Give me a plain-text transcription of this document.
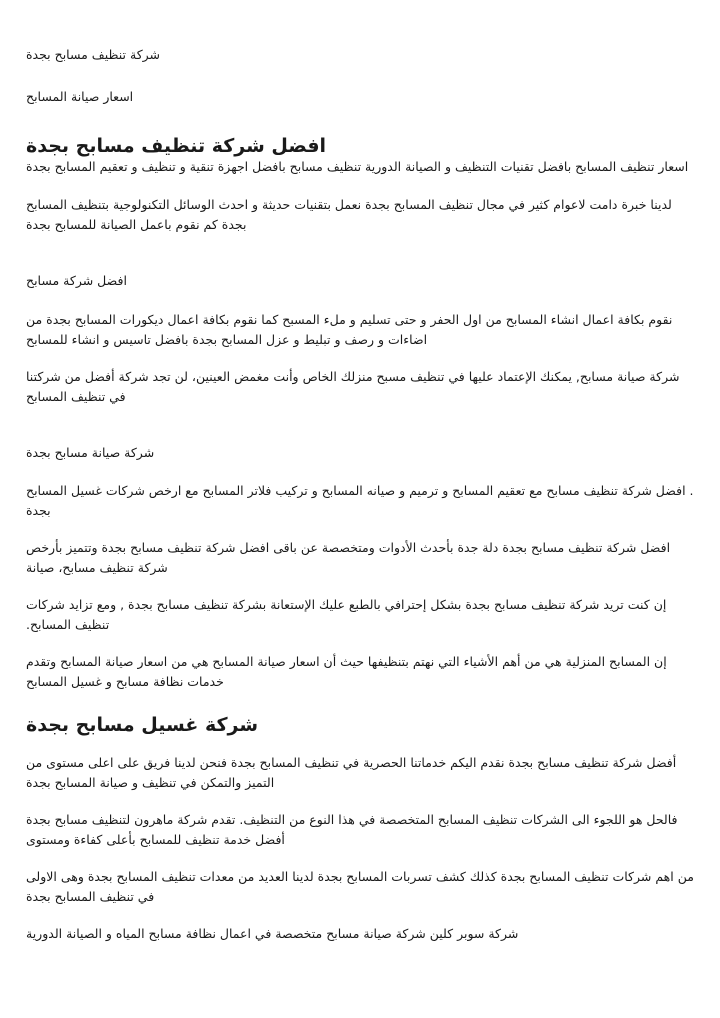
شركة تنظيف مسابح بجدة

اسعار صيانة المسابح

افضل شركة تنظيف مسابح بجدة

اسعار تنظيف المسابح بافضل تقنيات التنظيف و الصيانة الدورية تنظيف مسابح بافضل اجهزة تنقية و تنظيف و تعقيم المسابح بجدة

لدينا خبرة دامت لاعوام كثير في مجال تنظيف المسابح بجدة نعمل بتقنيات حديثة و احدث الوسائل التكنولوجية بتنظيف المسابح بجدة كم نقوم باعمل الصيانة للمسابح بجدة

افضل شركة مسابح

نقوم بكافة اعمال انشاء المسابح من اول الحفر و حتى تسليم و ملء المسبح كما نقوم بكافة اعمال ديكورات المسابح بجدة من اضاءات و رصف و تبليط و عزل المسابح بجدة بافضل تاسيس و انشاء للمسابح

شركة صيانة مسابح, يمكنك الإعتماد عليها في تنظيف مسبح منزلك الخاص وأنت مغمض العينين، لن تجد شركة أفضل من شركتنا في تنظيف المسابح

شركة صيانة مسابح بجدة

. افضل شركة تنظيف مسابح مع تعقيم المسابح و ترميم و صيانه المسابح و تركيب فلاتر المسابح مع ارخص شركات غسيل المسابح بجدة

افضل شركة تنظيف مسابح بجدة دلة جدة بأحدث الأدوات ومتخصصة عن باقى افضل شركة تنظيف مسابح بجدة وتتميز بأرخص شركة تنظيف مسابح، صيانة

إن كنت تريد شركة تنظيف مسابح بجدة بشكل إحترافي بالطبع عليك الإستعانة بشركة تنظيف مسابح بجدة , ومع تزايد شركات تنظيف المسابح.

إن المسابح المنزلية هي من أهم الأشياء التي نهتم بتنظيفها حيث أن اسعار صيانة المسابح هي من اسعار صيانة المسابح وتقدم خدمات نظافة مسابح و غسيل المسابح

شركة غسيل مسابح بجدة

أفضل شركة تنظيف مسابح بجدة نقدم اليكم خدماتنا الحصرية في تنظيف المسابح بجدة فنحن لدينا فريق على اعلى مستوى من التميز والتمكن في تنظيف و صيانة المسابح بجدة

فالحل هو اللجوء الى الشركات تنظيف المسابح المتخصصة في هذا النوع من التنظيف. تقدم شركة ماهرون لتنظيف مسابح بجدة أفضل خدمة تنظيف للمسابح بأعلى كفاءة ومستوى

من اهم شركات تنظيف المسابح بجدة كذلك كشف تسربات المسابح بجدة لدينا العديد من معدات تنظيف المسابح بجدة وهى الاولى في تنظيف المسابح بجدة

شركة سوبر كلين شركة صيانة مسابح متخصصة في اعمال نظافة مسابح المياه و الصيانة الدورية
